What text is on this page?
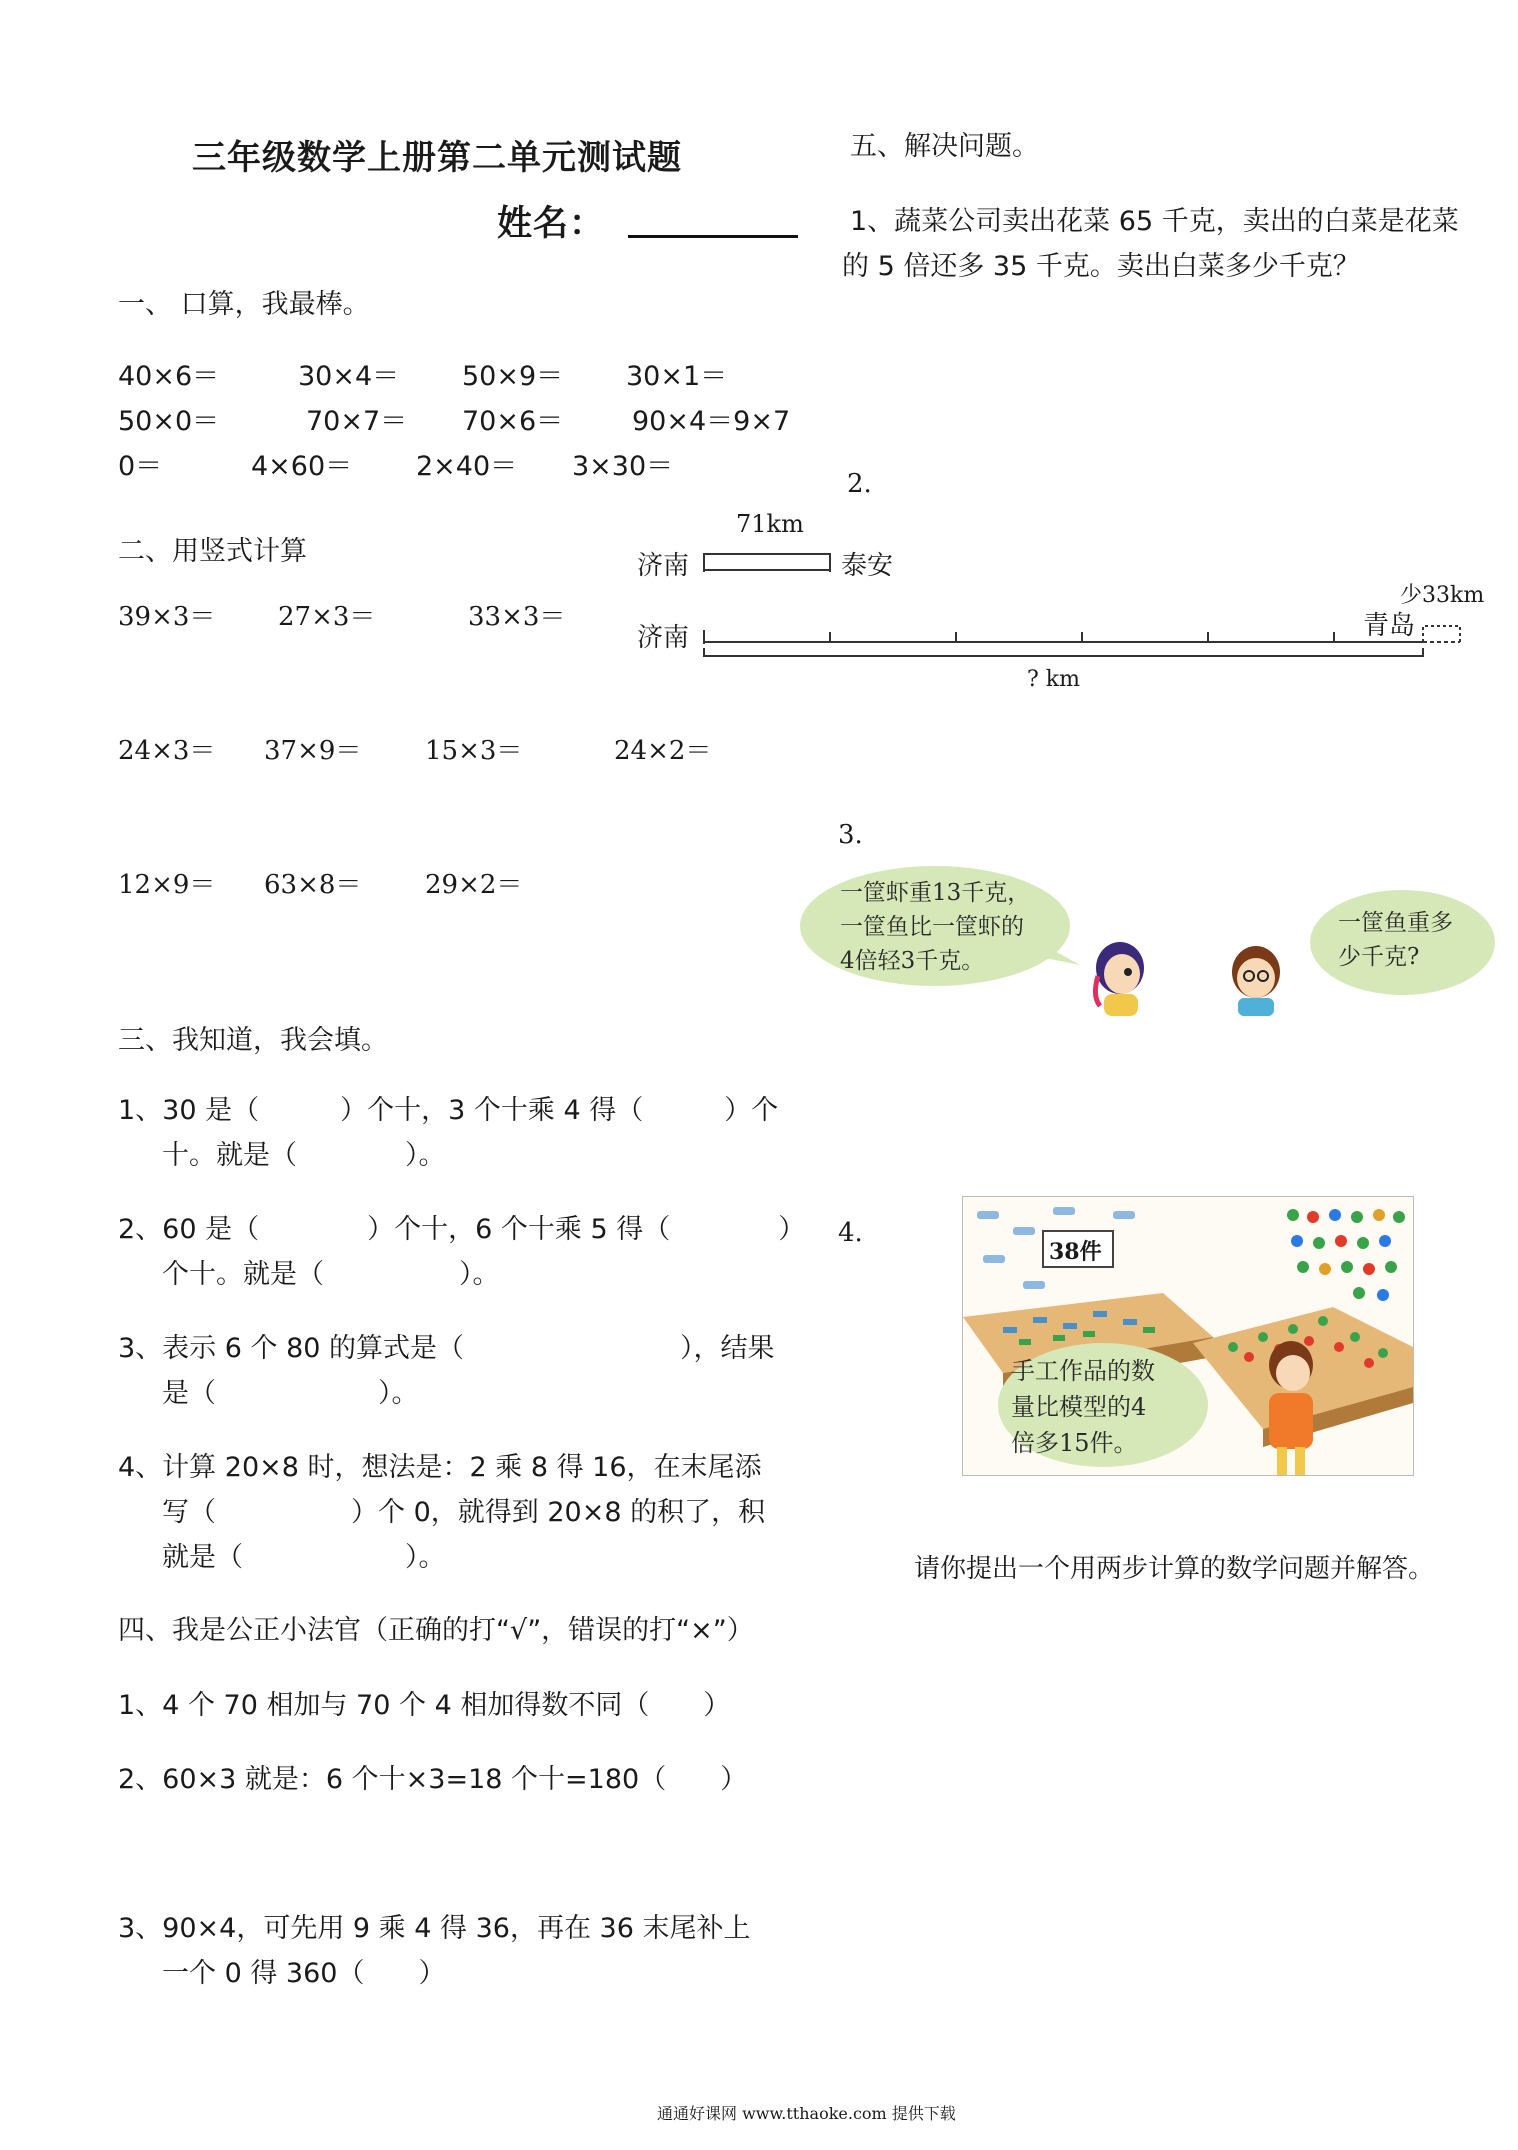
三年级数学上册第二单元测试题
姓名：
一、 口算，我最棒。
40×6＝	30×4＝ 50×9＝ 30×1＝
50×0＝	70×7＝ 70×6＝	90×4＝9×7
0＝	4×60＝ 2×40＝ 3×30＝
二、用竖式计算
39×3＝ 27×3＝	33×3＝
24×3＝ 37×9＝ 15×3＝	24×2＝
12×9＝ 63×8＝ 29×2＝
三、我知道，我会填。
1、30 是（　　　）个十，3 个十乘 4 得（　　　）个
十。就是（　　　　）。
2、60 是（　　　　）个十，6 个十乘 5 得（　　　　）
个十。就是（　　　　　）。
3、表示 6 个 80 的算式是（　　　　　　　　），结果
是（　　　　　　）。
4、计算 20×8 时，想法是：2 乘 8 得 16，在末尾添
写（　　　　　）个 0，就得到 20×8 的积了，积
就是（　　　　　　）。
四、我是公正小法官（正确的打“√”，错误的打“×”）
1、4 个 70 相加与 70 个 4 相加得数不同（　　）
2、60×3 就是：6 个十×3=18 个十=180（　　）
3、90×4，可先用 9 乘 4 得 36，再在 36 末尾补上
一个 0 得 360（　　）
五、解决问题。
1、蔬菜公司卖出花菜 65 千克，卖出的白菜是花菜
的 5 倍还多 35 千克。卖出白菜多少千克？
2.
济南	泰安
71km
济南	青岛
少33km
? km
3.
一筐虾重13千克，
一筐鱼比一筐虾的
4倍轻3千克。
一筐鱼重多
少千克?
4.
38件
手工作品的数
量比模型的4
倍多15件。
请你提出一个用两步计算的数学问题并解答。
通通好课网 www.tthaoke.com 提供下载
